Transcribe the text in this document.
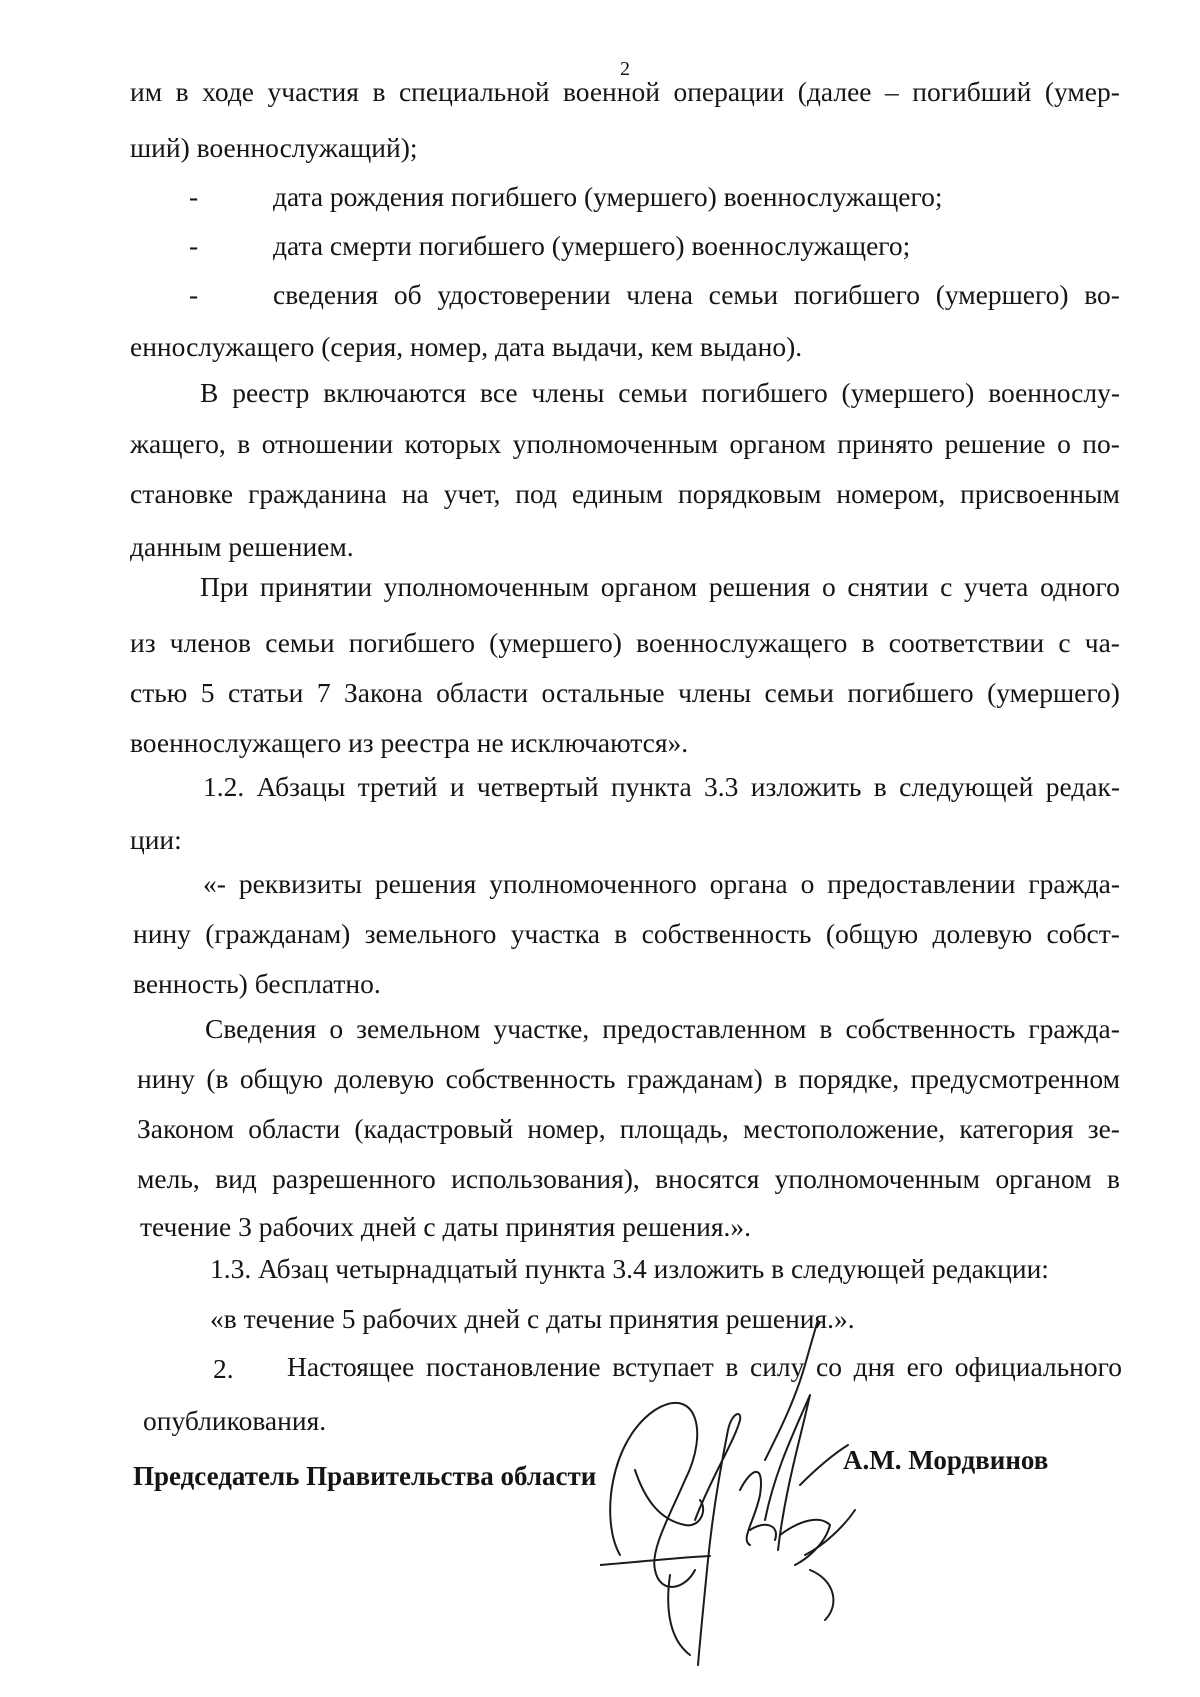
2
им в ходе участия в специальной военной операции (далее – погибший (умер-
ший) военнослужащий);
-	дата рождения погибшего (умершего) военнослужащего;
-	дата смерти погибшего (умершего) военнослужащего;
-	сведения об удостоверении члена семьи погибшего (умершего) во-
еннослужащего (серия, номер, дата выдачи, кем выдано).
В реестр включаются все члены семьи погибшего (умершего) военнослу-
жащего, в отношении которых уполномоченным органом принято решение о по-
становке гражданина на учет, под единым порядковым номером, присвоенным
данным решением.
При принятии уполномоченным органом решения о снятии с учета одного
из членов семьи погибшего (умершего) военнослужащего в соответствии с ча-
стью 5 статьи 7 Закона области остальные члены семьи погибшего (умершего)
военнослужащего из реестра не исключаются».
1.2. Абзацы третий и четвертый пункта 3.3 изложить в следующей редак-
ции:
«- реквизиты решения уполномоченного органа о предоставлении гражда-
нину (гражданам) земельного участка в собственность (общую долевую собст-
венность) бесплатно.
Сведения о земельном участке, предоставленном в собственность гражда-
нину (в общую долевую собственность гражданам) в порядке, предусмотренном
Законом области (кадастровый номер, площадь, местоположение, категория зе-
мель, вид разрешенного использования), вносятся уполномоченным органом в
течение 3 рабочих дней с даты принятия решения.».
1.3. Абзац четырнадцатый пункта 3.4 изложить в следующей редакции:
«в течение 5 рабочих дней с даты принятия решения.».
2. Настоящее постановление вступает в силу со дня его официального
опубликования.
Председатель Правительства области
А.М. Мордвинов
